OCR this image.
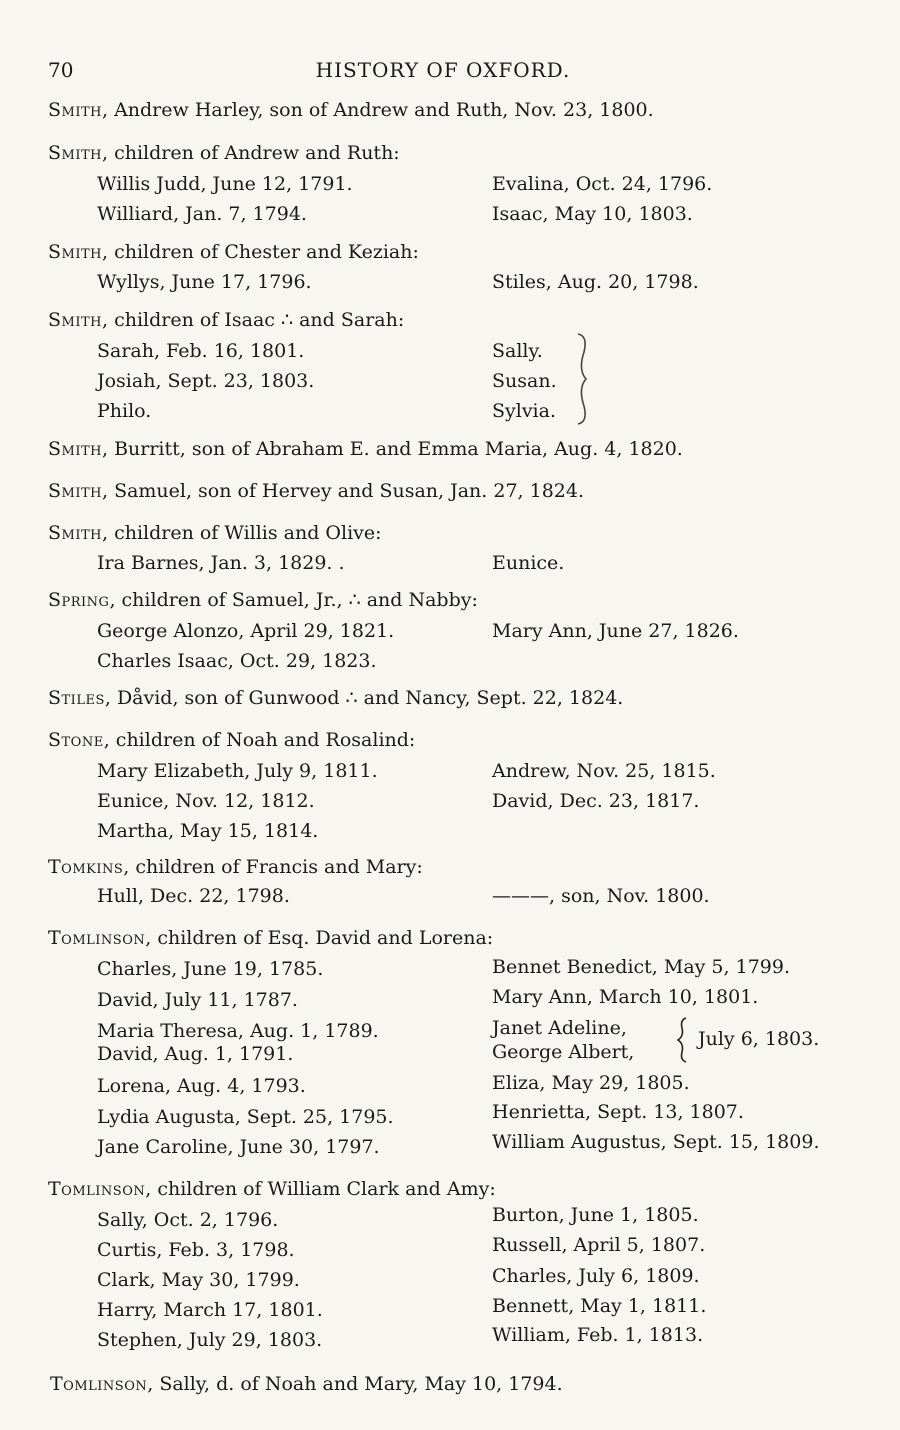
70	HISTORY OF OXFORD.
Smith, Andrew Harley, son of Andrew and Ruth, Nov. 23, 1800.
Smith, children of Andrew and Ruth:
Willis Judd, June 12, 1791.	Evalina, Oct. 24, 1796.
Williard, Jan. 7, 1794.	Isaac, May 10, 1803.
Smith, children of Chester and Keziah:
Wyllys, June 17, 1796.	Stiles, Aug. 20, 1798.
Smith, children of Isaac ∴ and Sarah:
Sarah, Feb. 16, 1801.	Sally.
Josiah, Sept. 23, 1803.	Susan.
Philo.	Sylvia.
Smith, Burritt, son of Abraham E. and Emma Maria, Aug. 4, 1820.
Smith, Samuel, son of Hervey and Susan, Jan. 27, 1824.
Smith, children of Willis and Olive:
Ira Barnes, Jan. 3, 1829. .	Eunice.
Spring, children of Samuel, Jr., ∴ and Nabby:
George Alonzo, April 29, 1821.	Mary Ann, June 27, 1826.
Charles Isaac, Oct. 29, 1823.
Stiles, Dåvid, son of Gunwood ∴ and Nancy, Sept. 22, 1824.
Stone, children of Noah and Rosalind:
Mary Elizabeth, July 9, 1811.	Andrew, Nov. 25, 1815.
Eunice, Nov. 12, 1812.	David, Dec. 23, 1817.
Martha, May 15, 1814.
Tomkins, children of Francis and Mary:
Hull, Dec. 22, 1798.	———, son, Nov. 1800.
Tomlinson, children of Esq. David and Lorena:
Charles, June 19, 1785.	Bennet Benedict, May 5, 1799.
David, July 11, 1787.	Mary Ann, March 10, 1801.
Maria Theresa, Aug. 1, 1789.	Janet Adeline,
David, Aug. 1, 1791.	George Albert,
July 6, 1803.
Lorena, Aug. 4, 1793.	Eliza, May 29, 1805.
Lydia Augusta, Sept. 25, 1795.	Henrietta, Sept. 13, 1807.
Jane Caroline, June 30, 1797.	William Augustus, Sept. 15, 1809.
Tomlinson, children of William Clark and Amy:
Sally, Oct. 2, 1796.	Burton, June 1, 1805.
Curtis, Feb. 3, 1798.	Russell, April 5, 1807.
Clark, May 30, 1799.	Charles, July 6, 1809.
Harry, March 17, 1801.	Bennett, May 1, 1811.
Stephen, July 29, 1803.	William, Feb. 1, 1813.
Tomlinson, Sally, d. of Noah and Mary, May 10, 1794.
